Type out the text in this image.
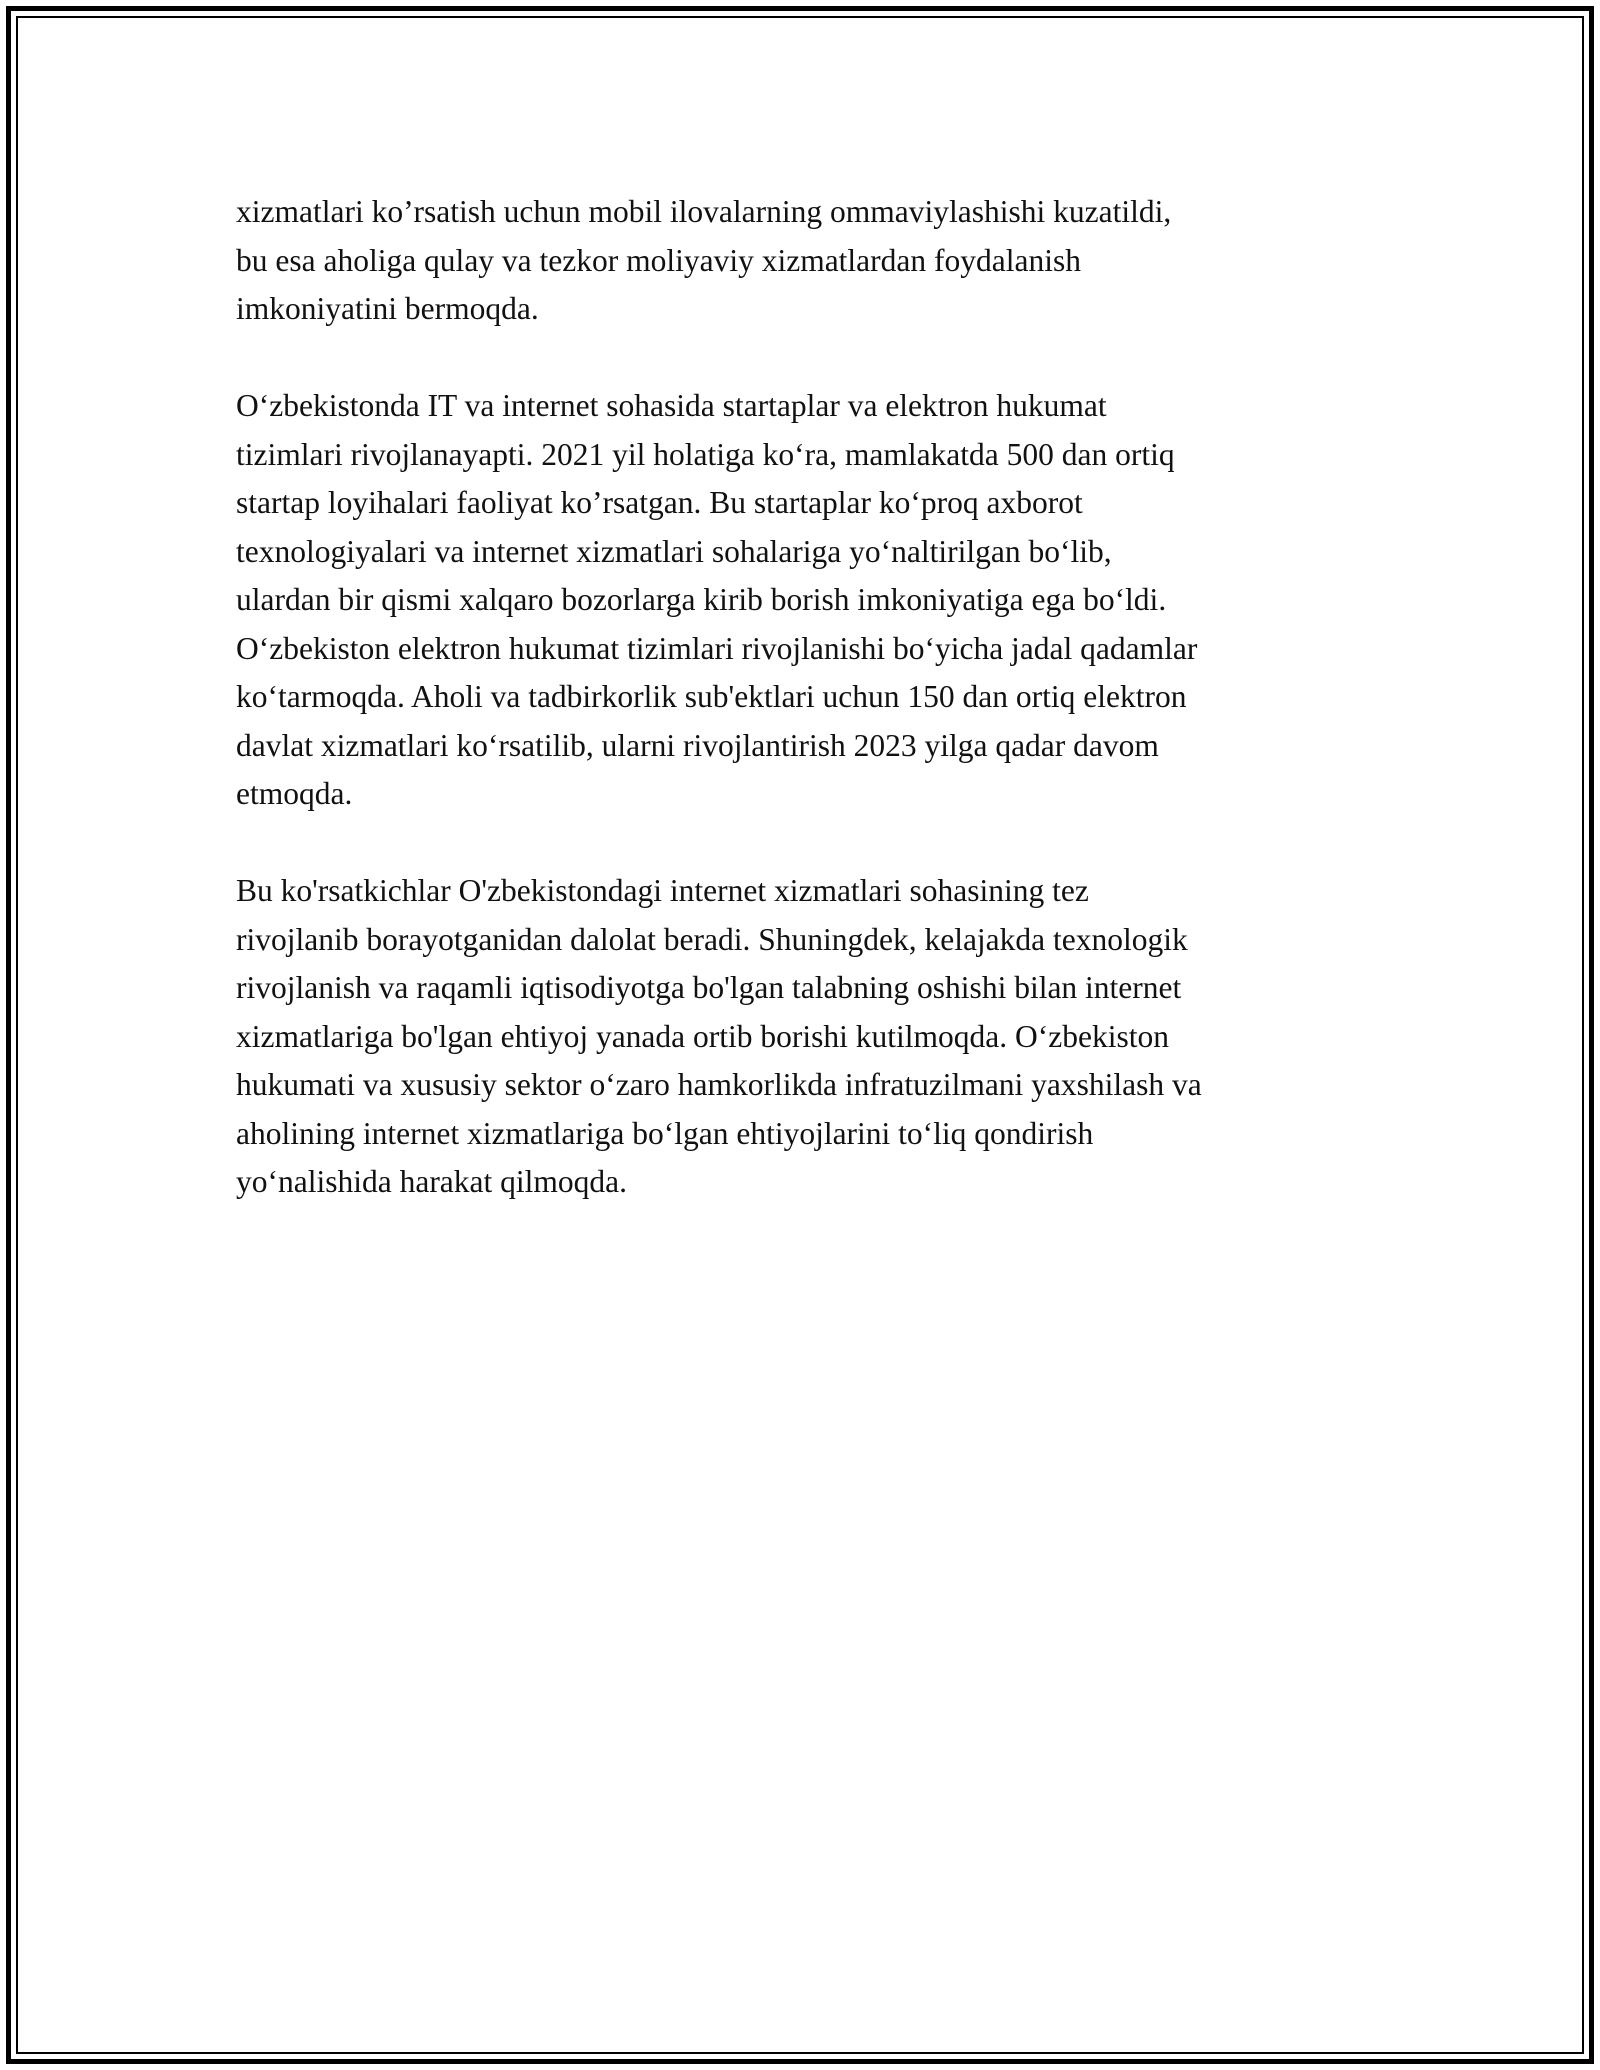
xizmatlari ko’rsatish uchun mobil ilovalarning ommaviylashishi kuzatildi,
bu esa aholiga qulay va tezkor moliyaviy xizmatlardan foydalanish
imkoniyatini bermoqda.

O‘zbekistonda IT va internet sohasida startaplar va elektron hukumat
tizimlari rivojlanayapti. 2021 yil holatiga ko‘ra, mamlakatda 500 dan ortiq
startap loyihalari faoliyat ko’rsatgan. Bu startaplar ko‘proq axborot
texnologiyalari va internet xizmatlari sohalariga yo‘naltirilgan bo‘lib,
ulardan bir qismi xalqaro bozorlarga kirib borish imkoniyatiga ega bo‘ldi.
O‘zbekiston elektron hukumat tizimlari rivojlanishi bo‘yicha jadal qadamlar
ko‘tarmoqda. Aholi va tadbirkorlik sub'ektlari uchun 150 dan ortiq elektron
davlat xizmatlari ko‘rsatilib, ularni rivojlantirish 2023 yilga qadar davom
etmoqda.

Bu ko'rsatkichlar O'zbekistondagi internet xizmatlari sohasining tez
rivojlanib borayotganidan dalolat beradi. Shuningdek, kelajakda texnologik
rivojlanish va raqamli iqtisodiyotga bo'lgan talabning oshishi bilan internet
xizmatlariga bo'lgan ehtiyoj yanada ortib borishi kutilmoqda. O‘zbekiston
hukumati va xususiy sektor o‘zaro hamkorlikda infratuzilmani yaxshilash va
aholining internet xizmatlariga bo‘lgan ehtiyojlarini to‘liq qondirish
yo‘nalishida harakat qilmoqda.
